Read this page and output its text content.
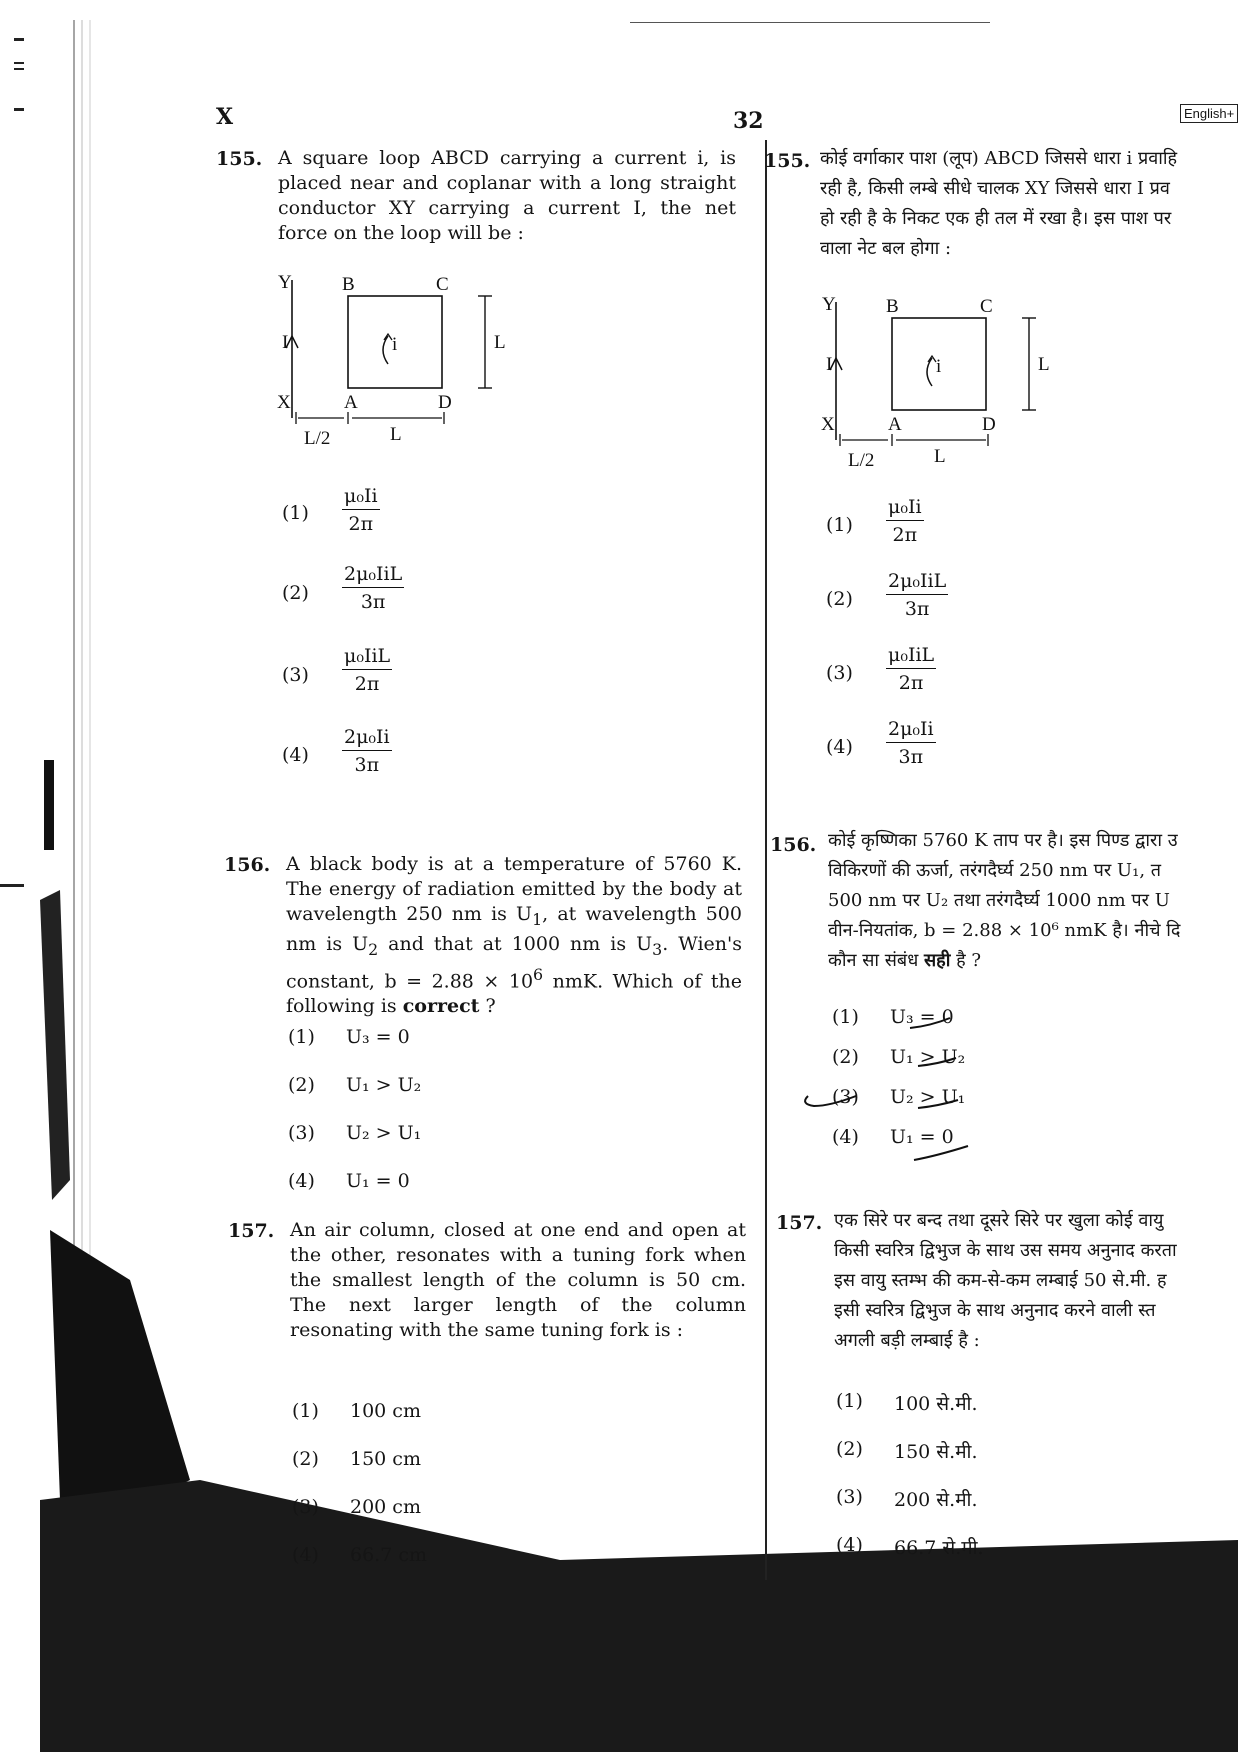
X	32	English+
155. A square loop ABCD carrying a current i, is placed near and coplanar with a long straight conductor XY carrying a current I, the net force on the loop will be :
Y
X
B	C
A	D
I	i	L
L/2	L
$(1) \frac{\text{μ₀Ii}}{2\pi}$
(2)
2μ₀IiL
3π
(3)
μ₀IiL
2π
$(4) \frac{\text{2μ₀Ii}}{3\pi}$
156. A black body is at a temperature of 5760 K. The energy of radiation emitted by the body at wavelength 250 nm is $U_1$, at wavelength 500 nm is $U_2$ and that at 1000 nm is $U_3$. Wien's constant, $b = 2.88 \times 10^6$ nmK. Which of the following is correct ?
(1) U₃ = 0
(2) U₁ > U₂
(3) U₂ > U₁
(4) U₁ = 0
157. An air column, closed at one end and open at the other, resonates with a tuning fork when the smallest length of the column is 50 cm. The next larger length of the column resonating with the same tuning fork is :
(1) 100 cm
(2) 150 cm
(3) 200 cm
(4) 66.7 cm
155. कोई वर्गाकार पाश (लूप) ABCD जिससे धारा i प्रवाहि
रही है, किसी लम्बे सीधे चालक XY जिससे धारा I प्रव
हो रही है के निकट एक ही तल में रखा है। इस पाश पर
वाला नेट बल होगा :
Y
X
B	C
A	D
I	i	L
L/2	L
$(1) \frac{\text{μ₀Ii}}{2\pi}$
(2)
2μ₀IiL
3π
(3)
μ₀IiL
2π
$(4) \frac{\text{2μ₀Ii}}{3\pi}$
156. कोई कृष्णिका 5760 K ताप पर है। इस पिण्ड द्वारा उ
विकिरणों की ऊर्जा, तरंगदैर्घ्य 250 nm पर U₁, त
500 nm पर U₂ तथा तरंगदैर्घ्य 1000 nm पर U
वीन-नियतांक, b = 2.88 × 10⁶ nmK है। नीचे दि
कौन सा संबंध सही है ?
(1) U₃ = 0
(2) U₁ > U₂
(3) U₂ > U₁
(4) U₁ = 0
157. एक सिरे पर बन्द तथा दूसरे सिरे पर खुला कोई वायु
किसी स्वरित्र द्विभुज के साथ उस समय अनुनाद करता
इस वायु स्तम्भ की कम-से-कम लम्बाई 50 से.मी. ह
इसी स्वरित्र द्विभुज के साथ अनुनाद करने वाली स्त
अगली बड़ी लम्बाई है :
(1) 100 से.मी.
(2) 150 से.मी.
(3) 200 से.मी.
(4) 66.7 से.मी.
